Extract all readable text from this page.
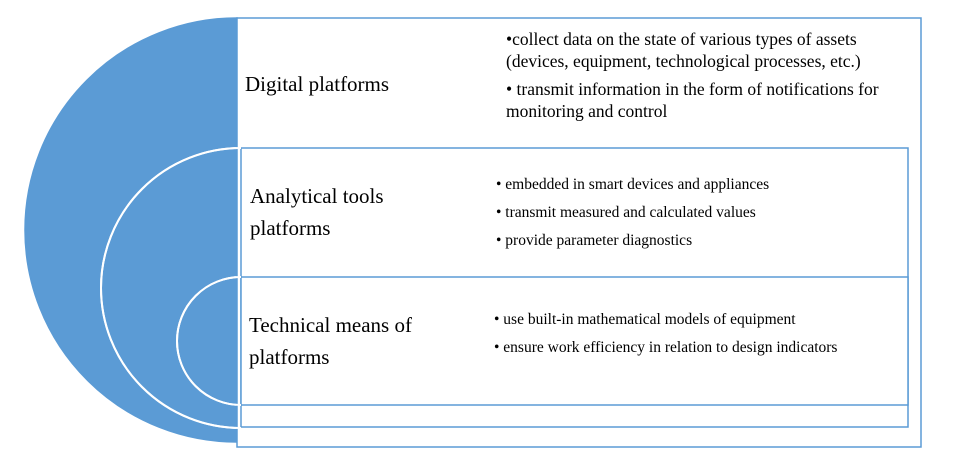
Digital platforms
•collect data on the state of various types of assets (devices, equipment, technological processes, etc.)
• transmit information in the form of notifications for monitoring and control
Analytical tools platforms
• embedded in smart devices and appliances
• transmit measured and calculated values
• provide parameter diagnostics
Technical means of platforms
• use built-in mathematical models of equipment
• ensure work efficiency in relation to design indicators
